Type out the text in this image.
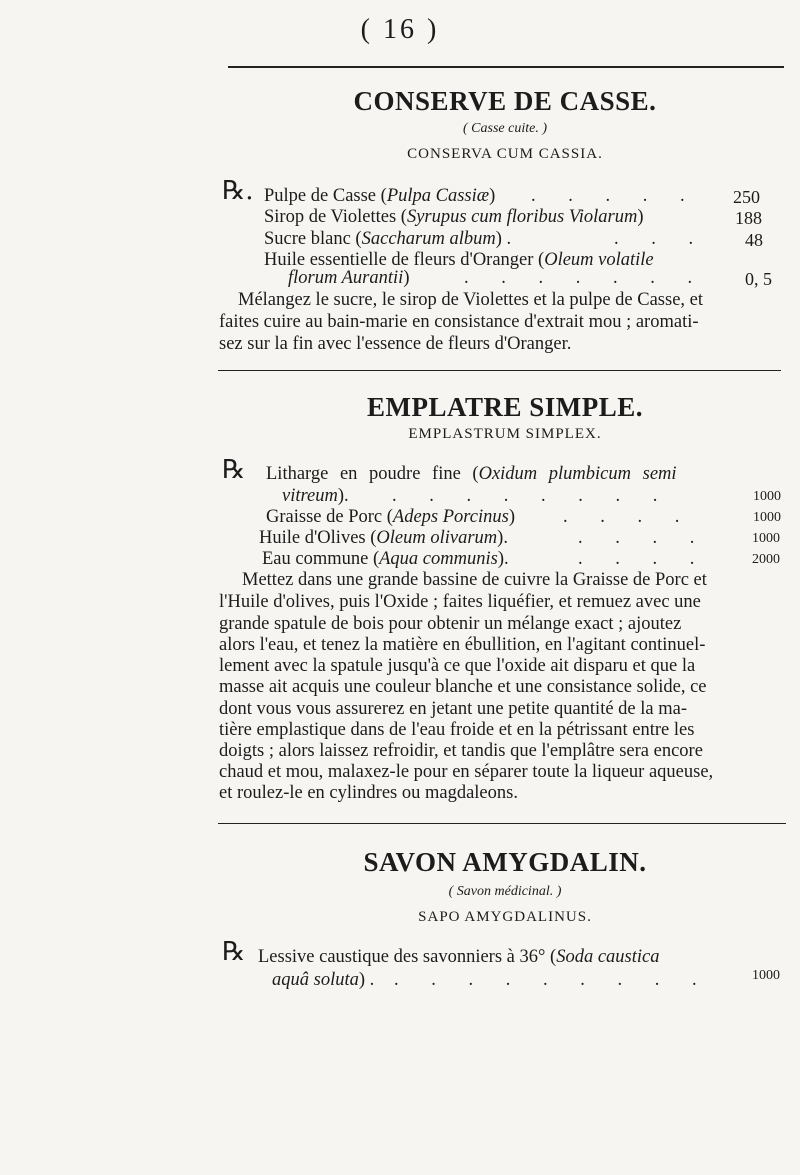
( 16 )
CONSERVE DE CASSE.
( Casse cuite. )
CONSERVA CUM CASSIA.
℞. Pulpe de Casse (Pulpa Cassiæ) . . . . . 250
Sirop de Violettes (Syrupus cum floribus Violarum)	188
Sucre blanc (Saccharum album) .	. . . 48
Huile essentielle de fleurs d'Oranger (Oleum volatile
florum Aurantii)	. . . . . . . 0, 5
Mélangez le sucre, le sirop de Violettes et la pulpe de Casse, et
faites cuire au bain-marie en consistance d'extrait mou ; aromati-
sez sur la fin avec l'essence de fleurs d'Oranger.
EMPLATRE SIMPLE.
EMPLASTRUM SIMPLEX.
℞ Litharge en poudre fine (Oxidum plumbicum semi
vitreum). . . . . . . . .	1000
Graisse de Porc (Adeps Porcinus)	. . . .	1000
Huile d'Olives (Oleum olivarum).	. . . .	1000
Eau commune (Aqua communis).	. . . .	2000
Mettez dans une grande bassine de cuivre la Graisse de Porc et
l'Huile d'olives, puis l'Oxide ; faites liquéfier, et remuez avec une
grande spatule de bois pour obtenir un mélange exact ; ajoutez
alors l'eau, et tenez la matière en ébullition, en l'agitant continuel-
lement avec la spatule jusqu'à ce que l'oxide ait disparu et que la
masse ait acquis une couleur blanche et une consistance solide, ce
dont vous vous assurerez en jetant une petite quantité de la ma-
tière emplastique dans de l'eau froide et en la pétrissant entre les
doigts ; alors laissez refroidir, et tandis que l'emplâtre sera encore
chaud et mou, malaxez-le pour en séparer toute la liqueur aqueuse,
et roulez-le en cylindres ou magdaleons.
SAVON AMYGDALIN.
( Savon médicinal. )
SAPO AMYGDALINUS.
℞ Lessive caustique des savonniers à 36° (Soda caustica
aquâ soluta) . . . . . . . . . .	1000
